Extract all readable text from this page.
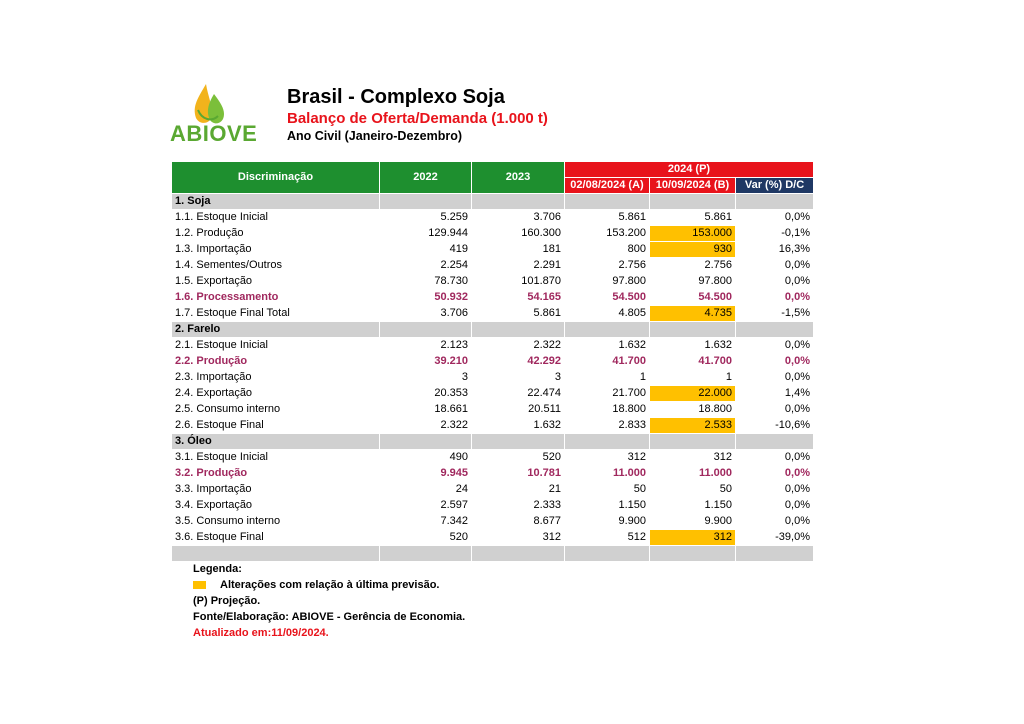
ABIOVE
Brasil - Complexo Soja
Balanço de Oferta/Demanda (1.000 t)
Ano Civil (Janeiro-Dezembro)
Discriminação	2022	2023	2024 (P)		
			02/08/2024 (A)	10/09/2024 (B)	Var (%) D/C
1. Soja					
1.1. Estoque Inicial	5.259	3.706	5.861	5.861	0,0%
1.2. Produção	129.944	160.300	153.200	153.000	-0,1%
1.3. Importação	419	181	800	930	16,3%
1.4. Sementes/Outros	2.254	2.291	2.756	2.756	0,0%
1.5. Exportação	78.730	101.870	97.800	97.800	0,0%
1.6. Processamento	50.932	54.165	54.500	54.500	0,0%
1.7. Estoque Final Total	3.706	5.861	4.805	4.735	-1,5%
2. Farelo					
2.1. Estoque Inicial	2.123	2.322	1.632	1.632	0,0%
2.2. Produção	39.210	42.292	41.700	41.700	0,0%
2.3. Importação	3	3	1	1	0,0%
2.4. Exportação	20.353	22.474	21.700	22.000	1,4%
2.5. Consumo interno	18.661	20.511	18.800	18.800	0,0%
2.6. Estoque Final	2.322	1.632	2.833	2.533	-10,6%
3. Óleo					
3.1. Estoque Inicial	490	520	312	312	0,0%
3.2. Produção	9.945	10.781	11.000	11.000	0,0%
3.3. Importação	24	21	50	50	0,0%
3.4. Exportação	2.597	2.333	1.150	1.150	0,0%
3.5. Consumo interno	7.342	8.677	9.900	9.900	0,0%
3.6. Estoque Final	520	312	512	312	-39,0%

Legenda:
Alterações com relação à última previsão.
(P) Projeção.
Fonte/Elaboração: ABIOVE - Gerência de Economia.
Atualizado em:11/09/2024.
